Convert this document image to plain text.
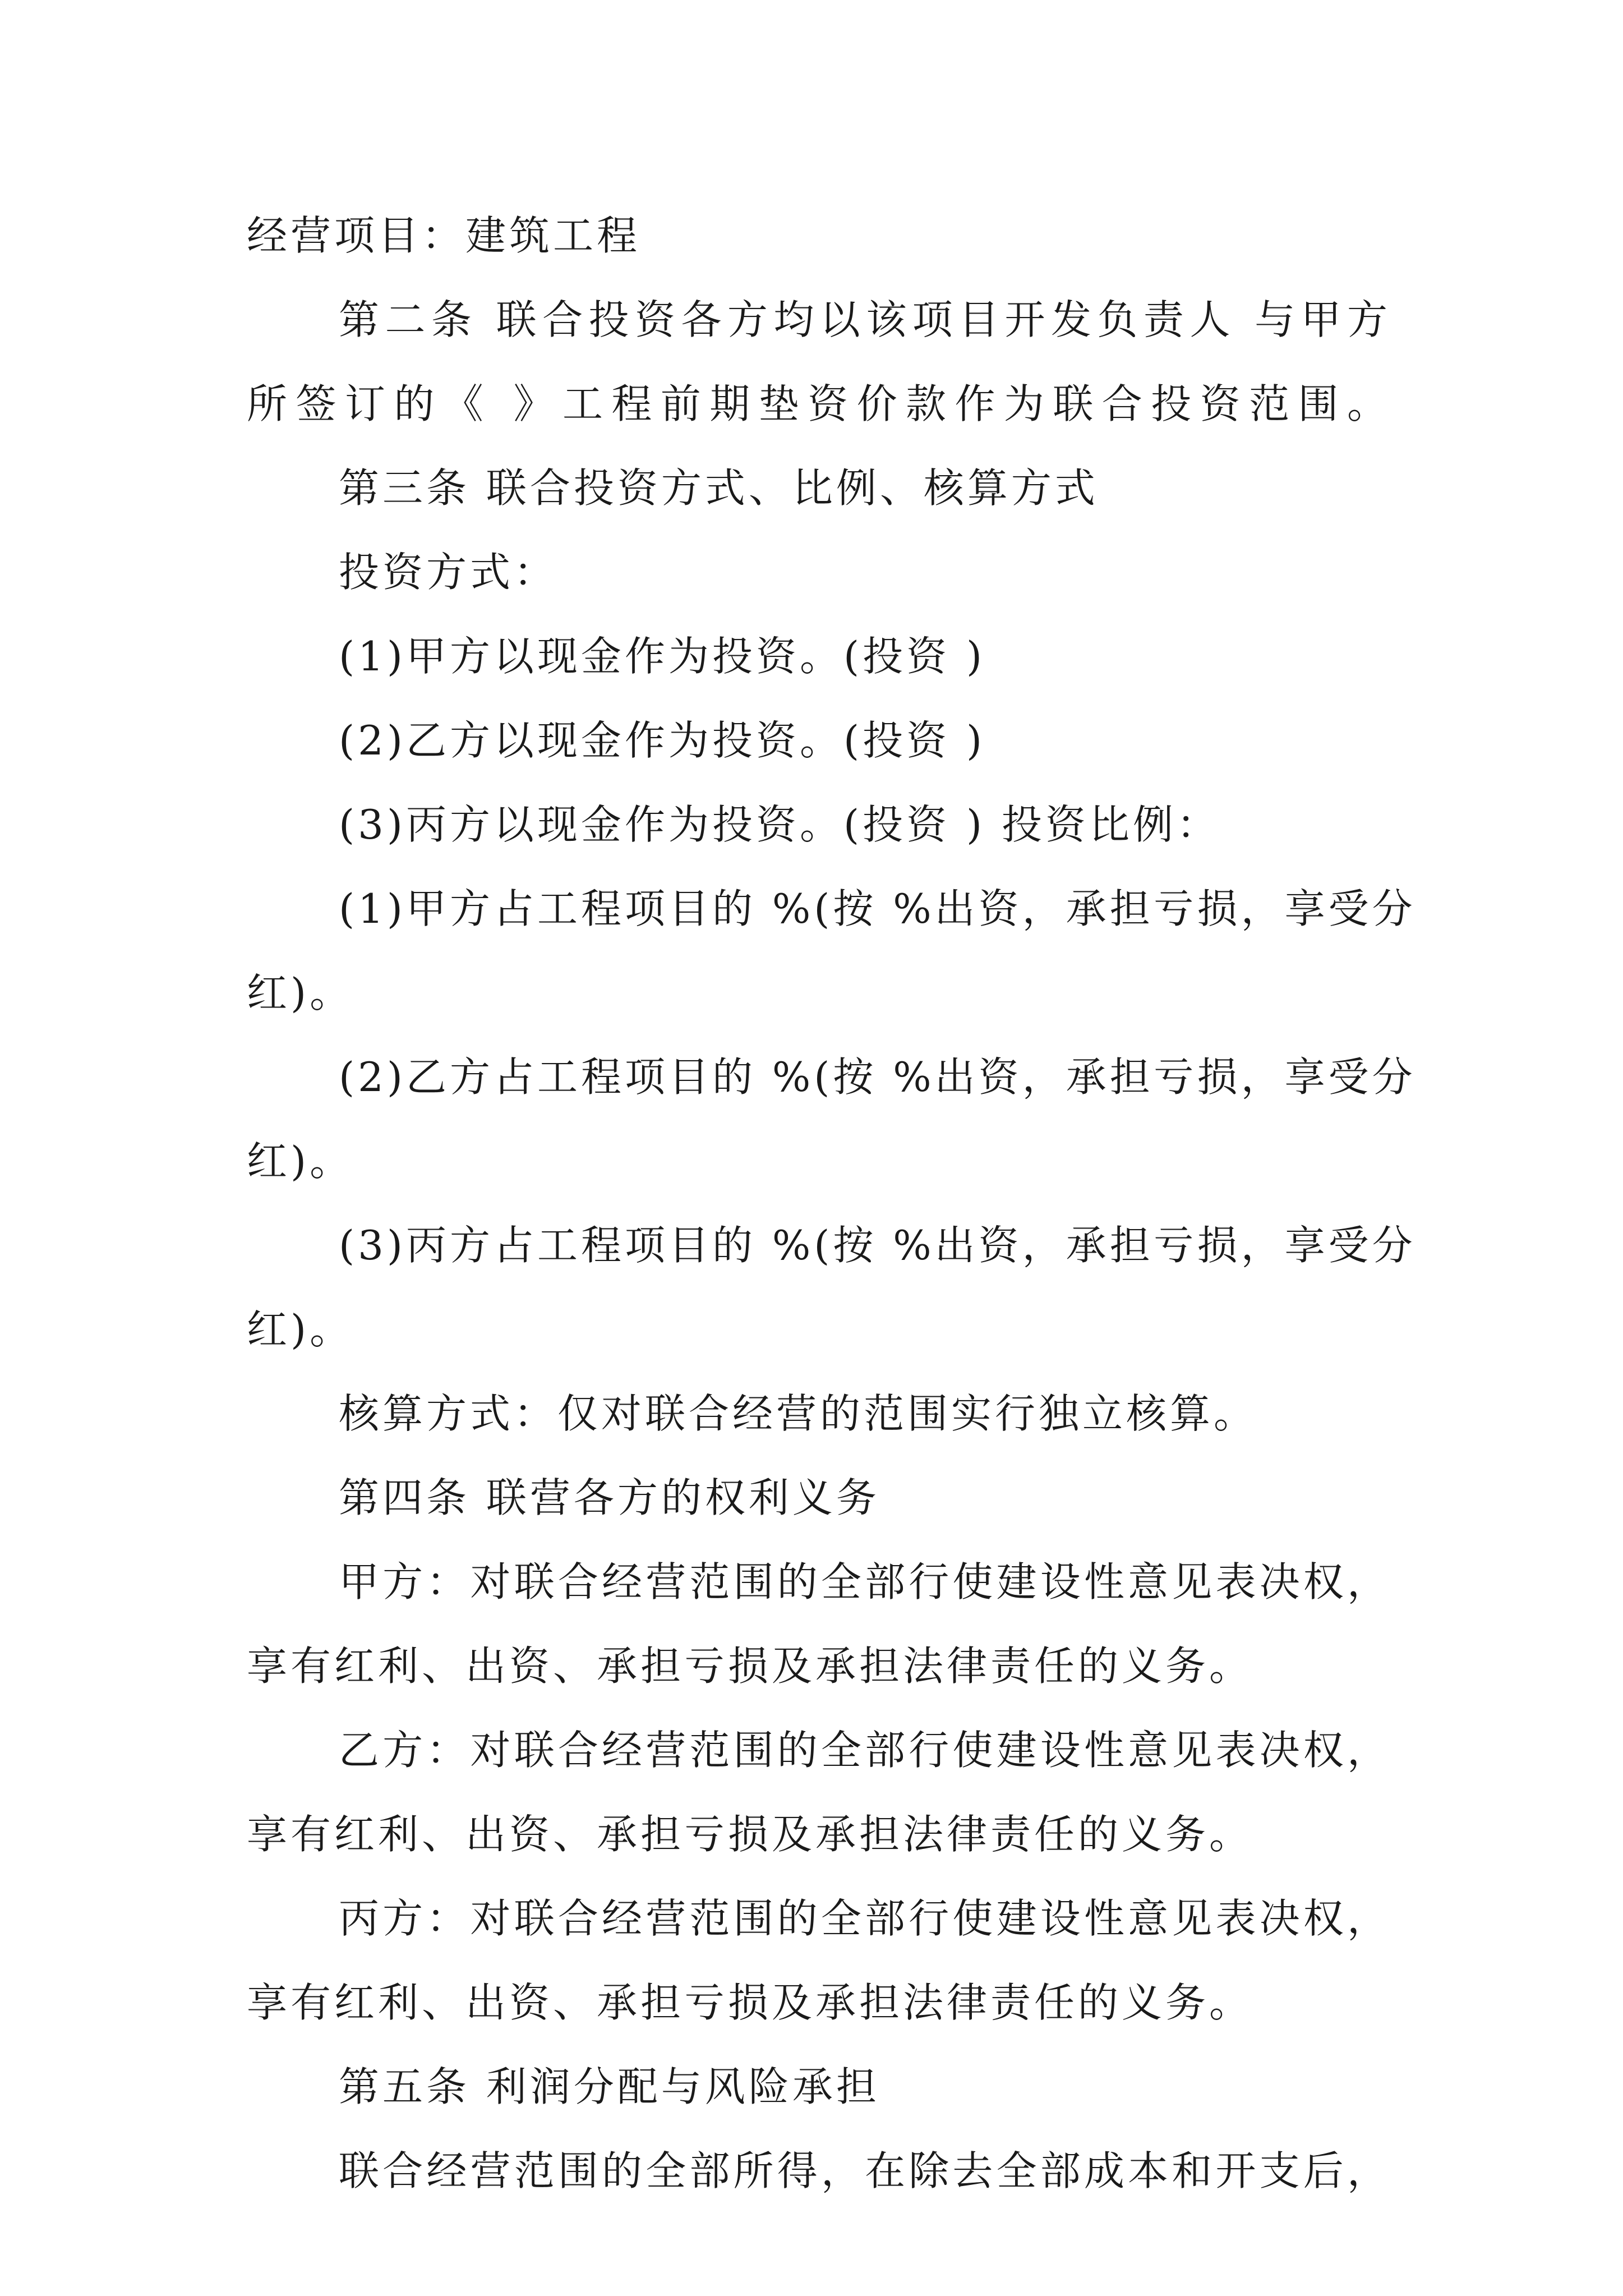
经营项目：建筑工程
第二条 联合投资各方均以该项目开发负责人 与甲方
所签订的《 》工程前期垫资价款作为联合投资范围。
第三条 联合投资方式、比例、核算方式
投资方式：
(1)甲方以现金作为投资。(投资 )
(2)乙方以现金作为投资。(投资 )
(3)丙方以现金作为投资。(投资 ) 投资比例：
(1)甲方占工程项目的 %(按 %出资，承担亏损，享受分
红)。
(2)乙方占工程项目的 %(按 %出资，承担亏损，享受分
红)。
(3)丙方占工程项目的 %(按 %出资，承担亏损，享受分
红)。
核算方式：仅对联合经营的范围实行独立核算。
第四条 联营各方的权利义务
甲方：对联合经营范围的全部行使建设性意见表决权，
享有红利、出资、承担亏损及承担法律责任的义务。
乙方：对联合经营范围的全部行使建设性意见表决权，
享有红利、出资、承担亏损及承担法律责任的义务。
丙方：对联合经营范围的全部行使建设性意见表决权，
享有红利、出资、承担亏损及承担法律责任的义务。
第五条 利润分配与风险承担
联合经营范围的全部所得，在除去全部成本和开支后，
